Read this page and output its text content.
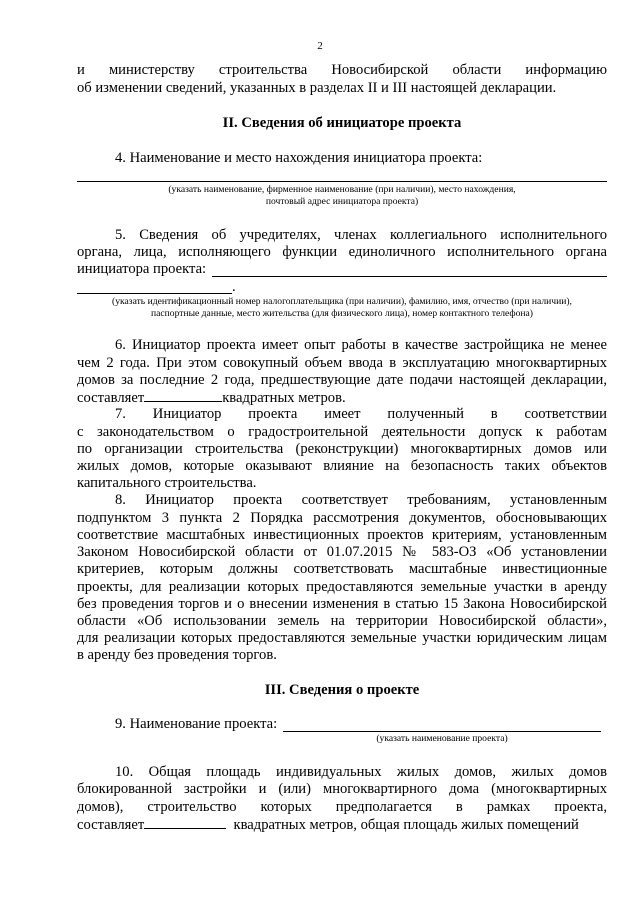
2
и министерству строительства Новосибирской области информацию
об изменении сведений, указанных в разделах II и III настоящей декларации.
II. Сведения об инициаторе проекта
4. Наименование и место нахождения инициатора проекта:
(указать наименование, фирменное наименование (при наличии), место нахождения,
почтовый адрес инициатора проекта)
5. Сведения об учредителях, членах коллегиального исполнительного
органа, лица, исполняющего функции единоличного исполнительного органа
инициатора проекта:
.
(указать идентификационный номер налогоплательщика (при наличии), фамилию, имя, отчество (при наличии),
паспортные данные, место жительства (для физического лица), номер контактного телефона)
6. Инициатор проекта имеет опыт работы в качестве застройщика не менее
чем 2 года. При этом совокупный объем ввода в эксплуатацию многоквартирных
домов за последние 2 года, предшествующие дате подачи настоящей декларации,
составляет	квадратных метров.
7. Инициатор проекта имеет полученный в соответствии
с законодательством о градостроительной деятельности допуск к работам
по организации строительства (реконструкции) многоквартирных домов или
жилых домов, которые оказывают влияние на безопасность таких объектов
капитального строительства.
8. Инициатор проекта соответствует требованиям, установленным
подпунктом 3 пункта 2 Порядка рассмотрения документов, обосновывающих
соответствие масштабных инвестиционных проектов критериям, установленным
Законом Новосибирской области от 01.07.2015 № 583-ОЗ «Об установлении
критериев, которым должны соответствовать масштабные инвестиционные
проекты, для реализации которых предоставляются земельные участки в аренду
без проведения торгов и о внесении изменения в статью 15 Закона Новосибирской
области «Об использовании земель на территории Новосибирской области»,
для реализации которых предоставляются земельные участки юридическим лицам
в аренду без проведения торгов.
III. Сведения о проекте
9. Наименование проекта:
(указать наименование проекта)
10. Общая площадь индивидуальных жилых домов, жилых домов
блокированной застройки и (или) многоквартирного дома (многоквартирных
домов), строительство которых предполагается в рамках проекта,
составляет	квадратных метров, общая площадь жилых помещений
